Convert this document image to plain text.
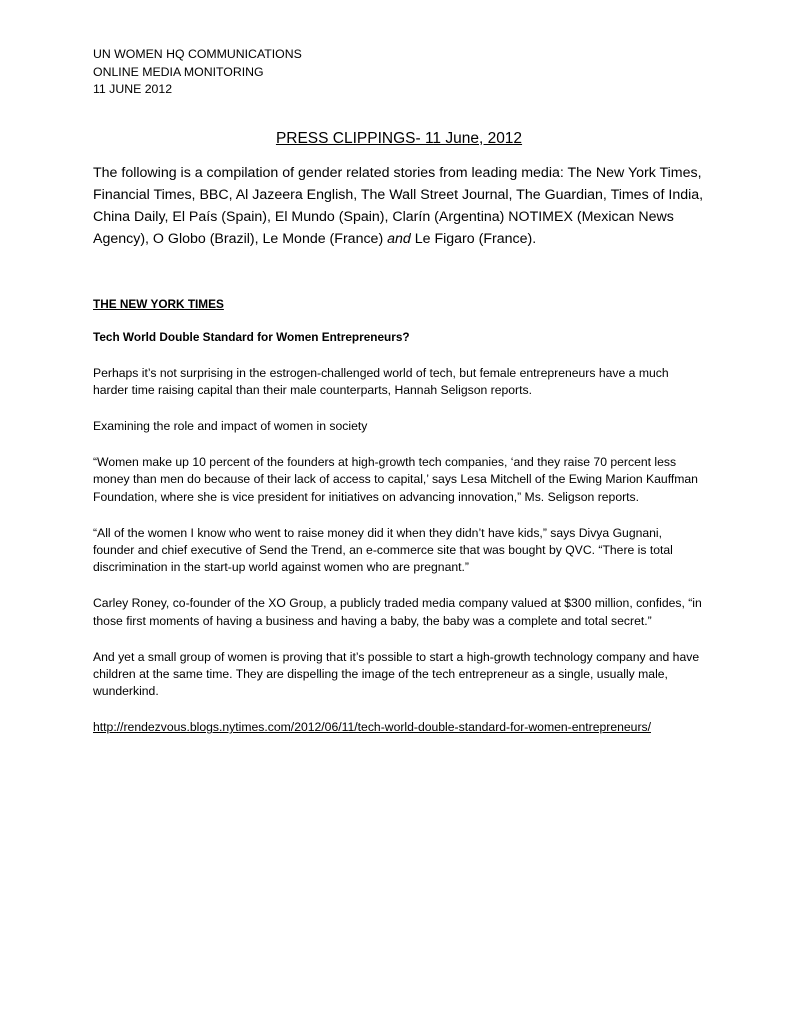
UN WOMEN HQ COMMUNICATIONS
ONLINE MEDIA MONITORING
11 JUNE 2012
PRESS CLIPPINGS- 11 June, 2012

The following is a compilation of gender related stories from leading media: The New York Times, Financial Times, BBC, Al Jazeera English, The Wall Street Journal, The Guardian, Times of India, China Daily, El País (Spain), El Mundo (Spain), Clarín (Argentina) NOTIMEX (Mexican News Agency), O Globo (Brazil), Le Monde (France) and Le Figaro (France).

THE NEW YORK TIMES
Tech World Double Standard for Women Entrepreneurs?
Perhaps it’s not surprising in the estrogen-challenged world of tech, but female entrepreneurs have a much harder time raising capital than their male counterparts, Hannah Seligson reports.
Examining the role and impact of women in society
“Women make up 10 percent of the founders at high-growth tech companies, ‘and they raise 70 percent less money than men do because of their lack of access to capital,’ says Lesa Mitchell of the Ewing Marion Kauffman Foundation, where she is vice president for initiatives on advancing innovation,” Ms. Seligson reports.
“All of the women I know who went to raise money did it when they didn’t have kids,” says Divya Gugnani, founder and chief executive of Send the Trend, an e-commerce site that was bought by QVC. “There is total discrimination in the start-up world against women who are pregnant.”
Carley Roney, co-founder of the XO Group, a publicly traded media company valued at $300 million, confides, “in those first moments of having a business and having a baby, the baby was a complete and total secret.”
And yet a small group of women is proving that it’s possible to start a high-growth technology company and have children at the same time. They are dispelling the image of the tech entrepreneur as a single, usually male, wunderkind.
http://rendezvous.blogs.nytimes.com/2012/06/11/tech-world-double-standard-for-women-entrepreneurs/
